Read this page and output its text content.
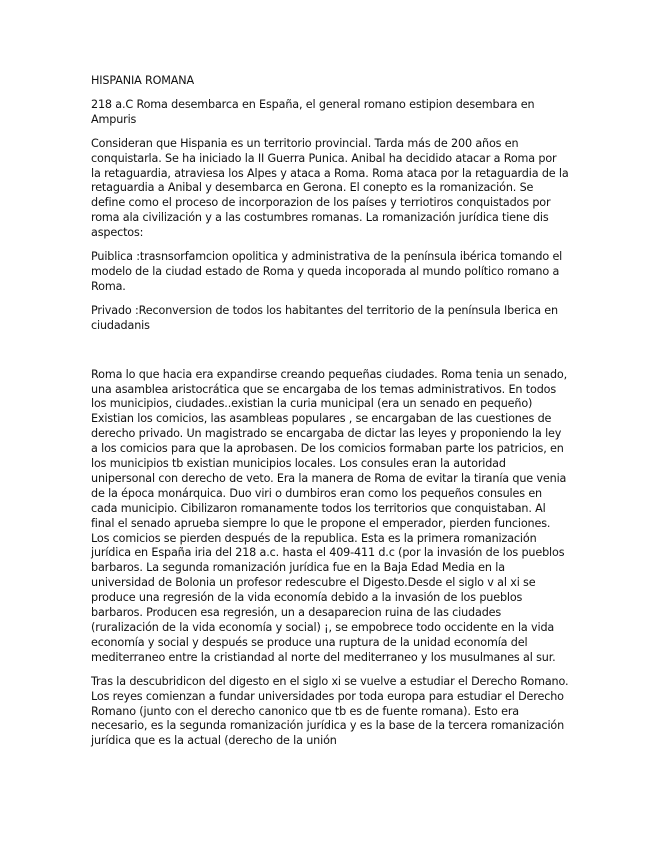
HISPANIA ROMANA

218 a.C Roma desembarca en España, el general romano estipion desembara en Ampuris

Consideran que Hispania es un territorio provincial. Tarda más de 200 años en conquistarla. Se ha iniciado la II Guerra Punica. Anibal ha decidido atacar a Roma por la retaguardia, atraviesa los Alpes y ataca a Roma. Roma ataca por la retaguardia de la retaguardia a Anibal y desembarca en Gerona. El conepto es la romanización. Se define como el proceso de incorporazion de los países y terriotiros conquistados por roma ala civilización y a las costumbres romanas. La romanización jurídica tiene dis aspectos:

Puiblica :trasnsorfamcion opolitica y administrativa de la península ibérica tomando el modelo de la ciudad estado de Roma y queda incoporada al mundo político romano a Roma.

Privado :Reconversion de todos los habitantes del territorio de la península Iberica en ciudadanis

Roma lo que hacia era expandirse creando pequeñas ciudades. Roma tenia un senado, una asamblea aristocrática que se encargaba de los temas administrativos. En todos los municipios, ciudades..existian la curia municipal (era un senado en pequeño) Existian los comicios, las asambleas populares , se encargaban de las cuestiones de derecho privado. Un magistrado se encargaba de dictar las leyes y proponiendo la ley a los comicios para que la aprobasen. De los comicios formaban parte los patricios, en los municipios tb existian municipios locales. Los consules eran la autoridad unipersonal con derecho de veto. Era la manera de Roma de evitar la tiranía que venia de la época monárquica. Duo viri o dumbiros eran como los pequeños consules en cada municipio. Cibilizaron romanamente todos los territorios que conquistaban. Al final el senado aprueba siempre lo que le propone el emperador, pierden funciones. Los comicios se pierden después de la republica. Esta es la primera romanización jurídica en España iria del 218 a.c. hasta el 409-411 d.c (por la invasión de los pueblos barbaros. La segunda romanización jurídica fue en la Baja Edad Media en la universidad de Bolonia un profesor redescubre el Digesto.Desde el siglo v al xi se produce una regresión de la vida economía debido a la invasión de los pueblos barbaros. Producen esa regresión, un a desaparecion ruina de las ciudades (ruralización de la vida economía y social) ¡, se empobrece todo occidente en la vida economía y social y después se produce una ruptura de la unidad economía del mediterraneo entre la cristiandad al norte del mediterraneo y los musulmanes al sur.

Tras la descubridicon del digesto en el siglo xi se vuelve a estudiar el Derecho Romano. Los reyes comienzan a fundar universidades por toda europa para estudiar el Derecho Romano (junto con el derecho canonico que tb es de fuente romana). Esto era necesario, es la segunda romanización jurídica y es la base de la tercera romanización jurídica que es la actual (derecho de la unión
